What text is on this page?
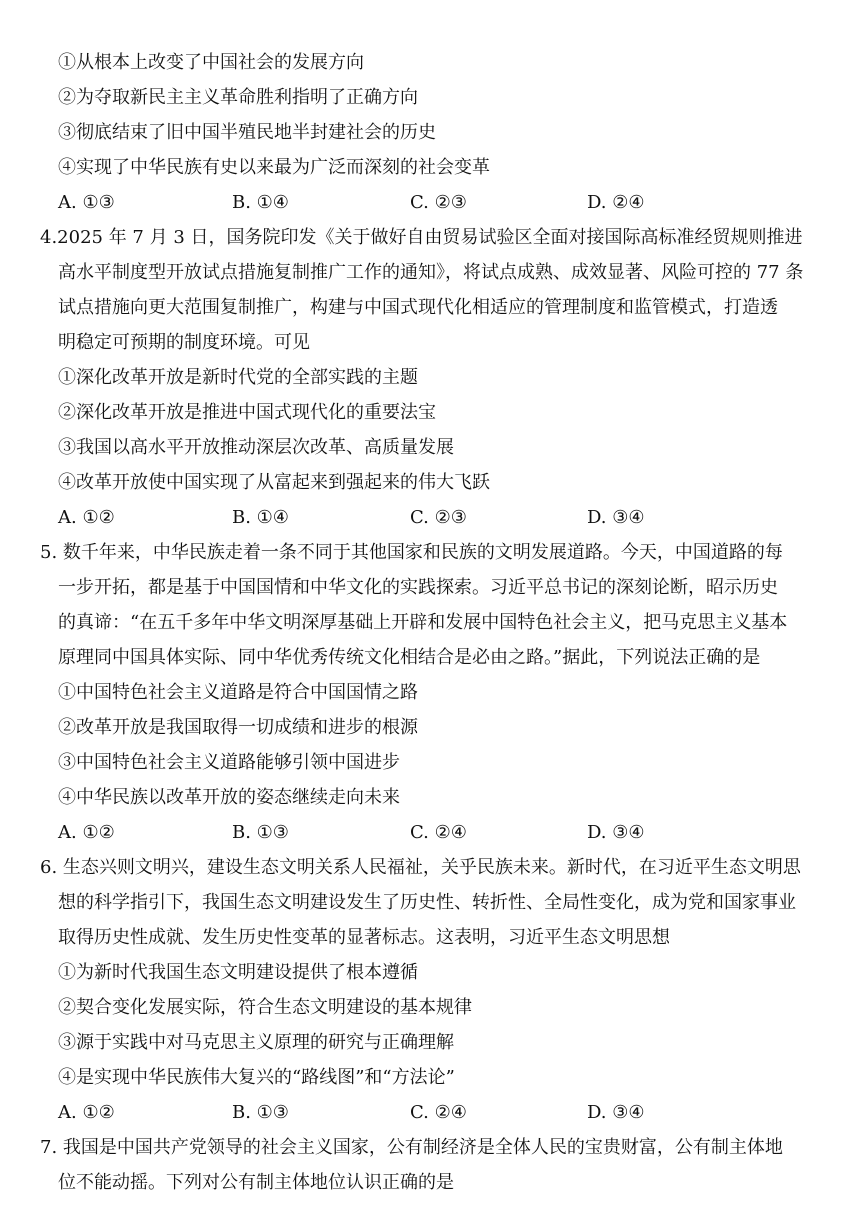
①从根本上改变了中国社会的发展方向
②为夺取新民主主义革命胜利指明了正确方向
③彻底结束了旧中国半殖民地半封建社会的历史
④实现了中华民族有史以来最为广泛而深刻的社会变革
A. ①③	B. ①④	C. ②③	D. ②④
4.2025 年 7 月 3 日，国务院印发《关于做好自由贸易试验区全面对接国际高标准经贸规则推进
高水平制度型开放试点措施复制推广工作的通知》，将试点成熟、成效显著、风险可控的 77 条
试点措施向更大范围复制推广，构建与中国式现代化相适应的管理制度和监管模式，打造透
明稳定可预期的制度环境。可见
①深化改革开放是新时代党的全部实践的主题
②深化改革开放是推进中国式现代化的重要法宝
③我国以高水平开放推动深层次改革、高质量发展
④改革开放使中国实现了从富起来到强起来的伟大飞跃
A. ①②	B. ①④	C. ②③	D. ③④
5. 数千年来，中华民族走着一条不同于其他国家和民族的文明发展道路。今天，中国道路的每
一步开拓，都是基于中国国情和中华文化的实践探索。习近平总书记的深刻论断，昭示历史
的真谛：“在五千多年中华文明深厚基础上开辟和发展中国特色社会主义，把马克思主义基本
原理同中国具体实际、同中华优秀传统文化相结合是必由之路。”据此，下列说法正确的是
①中国特色社会主义道路是符合中国国情之路
②改革开放是我国取得一切成绩和进步的根源
③中国特色社会主义道路能够引领中国进步
④中华民族以改革开放的姿态继续走向未来
A. ①②	B. ①③	C. ②④	D. ③④
6. 生态兴则文明兴，建设生态文明关系人民福祉，关乎民族未来。新时代，在习近平生态文明思
想的科学指引下，我国生态文明建设发生了历史性、转折性、全局性变化，成为党和国家事业
取得历史性成就、发生历史性变革的显著标志。这表明，习近平生态文明思想
①为新时代我国生态文明建设提供了根本遵循
②契合变化发展实际，符合生态文明建设的基本规律
③源于实践中对马克思主义原理的研究与正确理解
④是实现中华民族伟大复兴的“路线图”和“方法论”
A. ①②	B. ①③	C. ②④	D. ③④
7. 我国是中国共产党领导的社会主义国家，公有制经济是全体人民的宝贵财富，公有制主体地
位不能动摇。下列对公有制主体地位认识正确的是
